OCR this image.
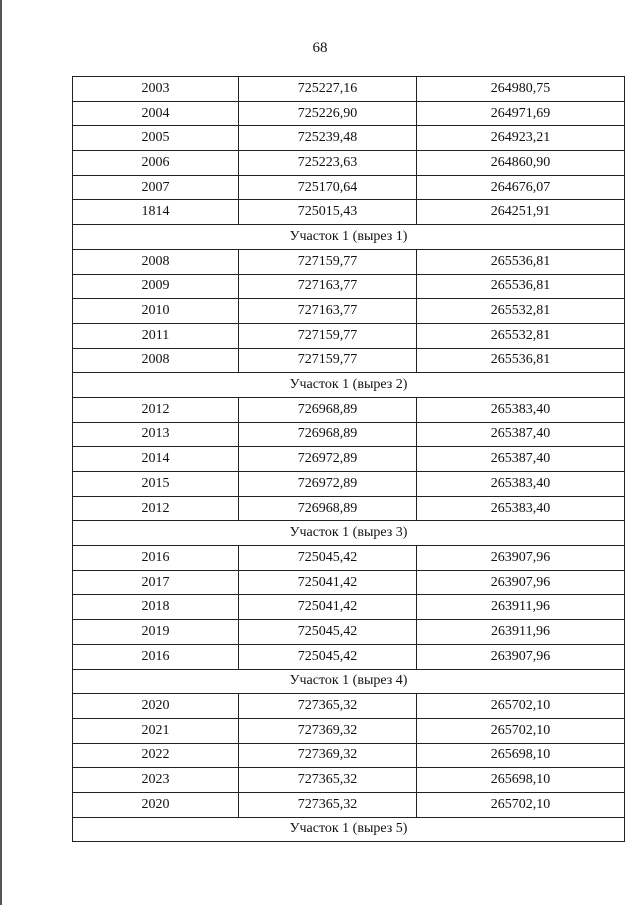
68
2003	725227,16	264980,75
2004	725226,90	264971,69
2005	725239,48	264923,21
2006	725223,63	264860,90
2007	725170,64	264676,07
1814	725015,43	264251,91
Участок 1 (вырез 1)		
2008	727159,77	265536,81
2009	727163,77	265536,81
2010	727163,77	265532,81
2011	727159,77	265532,81
2008	727159,77	265536,81
Участок 1 (вырез 2)		
2012	726968,89	265383,40
2013	726968,89	265387,40
2014	726972,89	265387,40
2015	726972,89	265383,40
2012	726968,89	265383,40
Участок 1 (вырез 3)		
2016	725045,42	263907,96
2017	725041,42	263907,96
2018	725041,42	263911,96
2019	725045,42	263911,96
2016	725045,42	263907,96
Участок 1 (вырез 4)		
2020	727365,32	265702,10
2021	727369,32	265702,10
2022	727369,32	265698,10
2023	727365,32	265698,10
2020	727365,32	265702,10
Участок 1 (вырез 5)		
